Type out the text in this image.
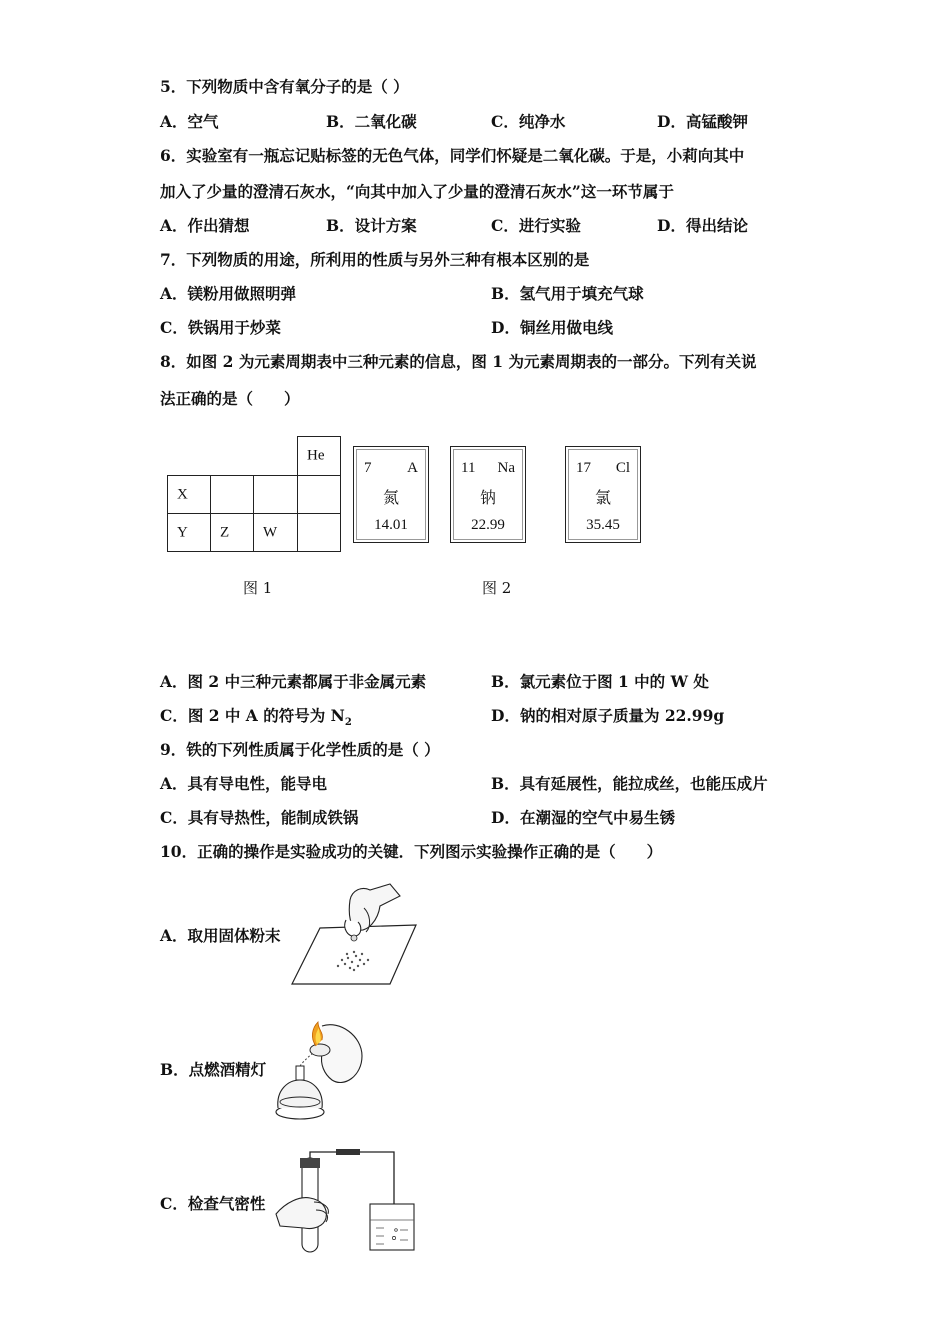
5．下列物质中含有氧分子的是（ ）
A．空气	B．二氧化碳	C．纯净水	D．高锰酸钾
6．实验室有一瓶忘记贴标签的无色气体，同学们怀疑是二氧化碳。于是，小莉向其中
加入了少量的澄清石灰水，“向其中加入了少量的澄清石灰水”这一环节属于
A．作出猜想	B．设计方案	C．进行实验	D．得出结论
7．下列物质的用途，所利用的性质与另外三种有根本区别的是
A．镁粉用做照明弹	B．氢气用于填充气球
C．铁锅用于炒菜	D．铜丝用做电线
8．如图 2 为元素周期表中三种元素的信息，图 1 为元素周期表的一部分。下列有关说
法正确的是（　　）
He
X
Y Z W
7 A
氮
14.01
11 Na
钠
22.99
17 Cl
氯
35.45
图 1	图 2
A．图 2 中三种元素都属于非金属元素	B．氯元素位于图 1 中的 W 处
C．图 2 中 A 的符号为 $N_2$	D．钠的相对原子质量为 22.99g
9．铁的下列性质属于化学性质的是（ ）
A．具有导电性，能导电	B．具有延展性，能拉成丝，也能压成片
C．具有导热性，能制成铁锅	D．在潮湿的空气中易生锈
10．正确的操作是实验成功的关键．下列图示实验操作正确的是（　　）
A．取用固体粉末
B．点燃酒精灯
C．检查气密性
